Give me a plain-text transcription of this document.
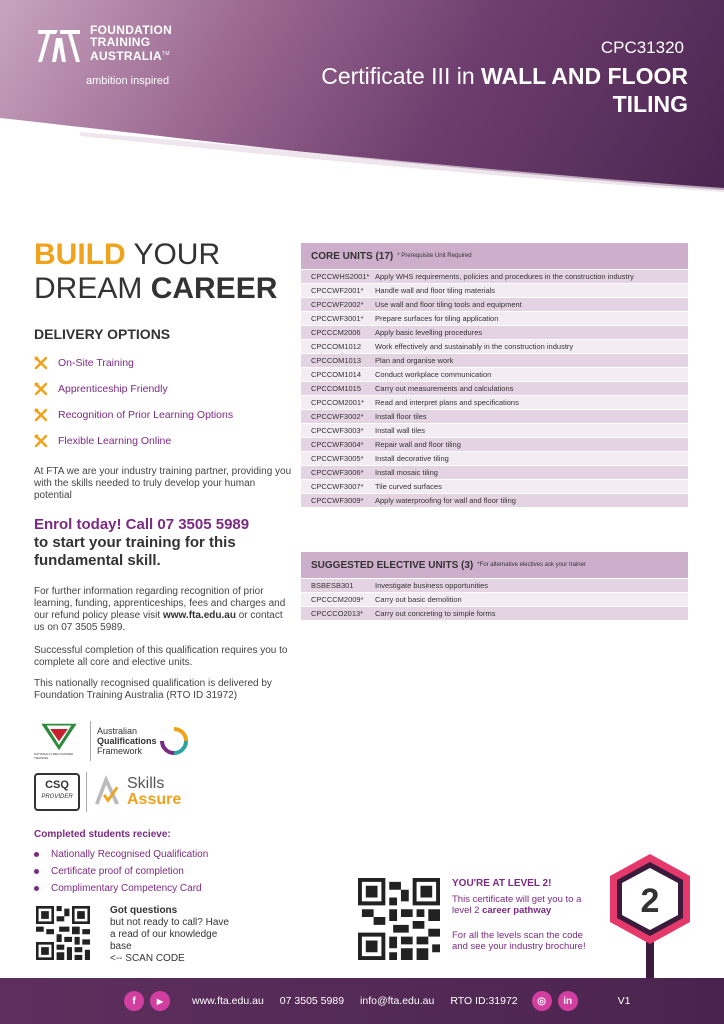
FOUNDATION
TRAINING
AUSTRALIA™
ambition inspired
CPC31320
Certificate III in WALL AND FLOOR
TILING
BUILD YOUR
DREAM CAREER
DELIVERY OPTIONS
On-Site Training
Apprenticeship Friendly
Recognition of Prior Learning Options
Flexible Learning Online
At FTA we are your industry training partner, providing you with the skills needed to truly develop your human potential
Enrol today! Call 07 3505 5989
to start your training for this fundamental skill.
For further information regarding recognition of prior learning, funding, apprenticeships, fees and charges and our refund policy please visit www.fta.edu.au or contact us on 07 3505 5989.
Successful completion of this qualification requires you to complete all core and elective units.
This nationally recognised qualification is delivered by Foundation Training Australia (RTO ID 31972)
NATIONALLY RECOGNISED TRAINING
Australian
Qualifications
Framework
CSQ
PROVIDER
Skills
Assure
Completed students recieve:
Nationally Recognised Qualification
Certificate proof of completion
Complimentary Competency Card
Got questions
but not ready to call? Have a read of our knowledge base
<-- SCAN CODE
CORE UNITS (17) * Prerequisite Unit Required
CPCCWHS2001* Apply WHS requirements, policies and procedures in the construction industry
CPCCWF2001*	Handle wall and floor tiling materials
CPCCWF2002*	Use wall and floor tiling tools and equipment
CPCCWF3001*	Prepare surfaces for tiling application
CPCCCM2006	Apply basic levelling procedures
CPCCOM1012	Work effectively and sustainably in the construction industry
CPCCOM1013	Plan and organise work
CPCCOM1014	Conduct workplace communication
CPCCOM1015	Carry out measurements and calculations
CPCCOM2001*	Read and interpret plans and specifications
CPCCWF3002*	Install floor tiles
CPCCWF3003*	Install wall tiles
CPCCWF3004*	Repair wall and floor tiling
CPCCWF3005*	Install decorative tiling
CPCCWF3006*	Install mosaic tiling
CPCCWF3007*	Tile curved surfaces
CPCCWF3009*	Apply waterproofing for wall and floor tiling
SUGGESTED ELECTIVE UNITS (3) *For alternative electives ask your trainer
BSBESB301	Investigate business opportunities
CPCCCM2009*	Carry out basic demolition
CPCCCO2013*	Carry out concreting to simple forms
YOU'RE AT LEVEL 2!
This certificate will get you to a level 2 career pathway
For all the levels scan the code and see your industry brochure!
2
f	▶	www.fta.edu.au 07 3505 5989 info@fta.edu.au RTO ID:31972	◎	in	V1
